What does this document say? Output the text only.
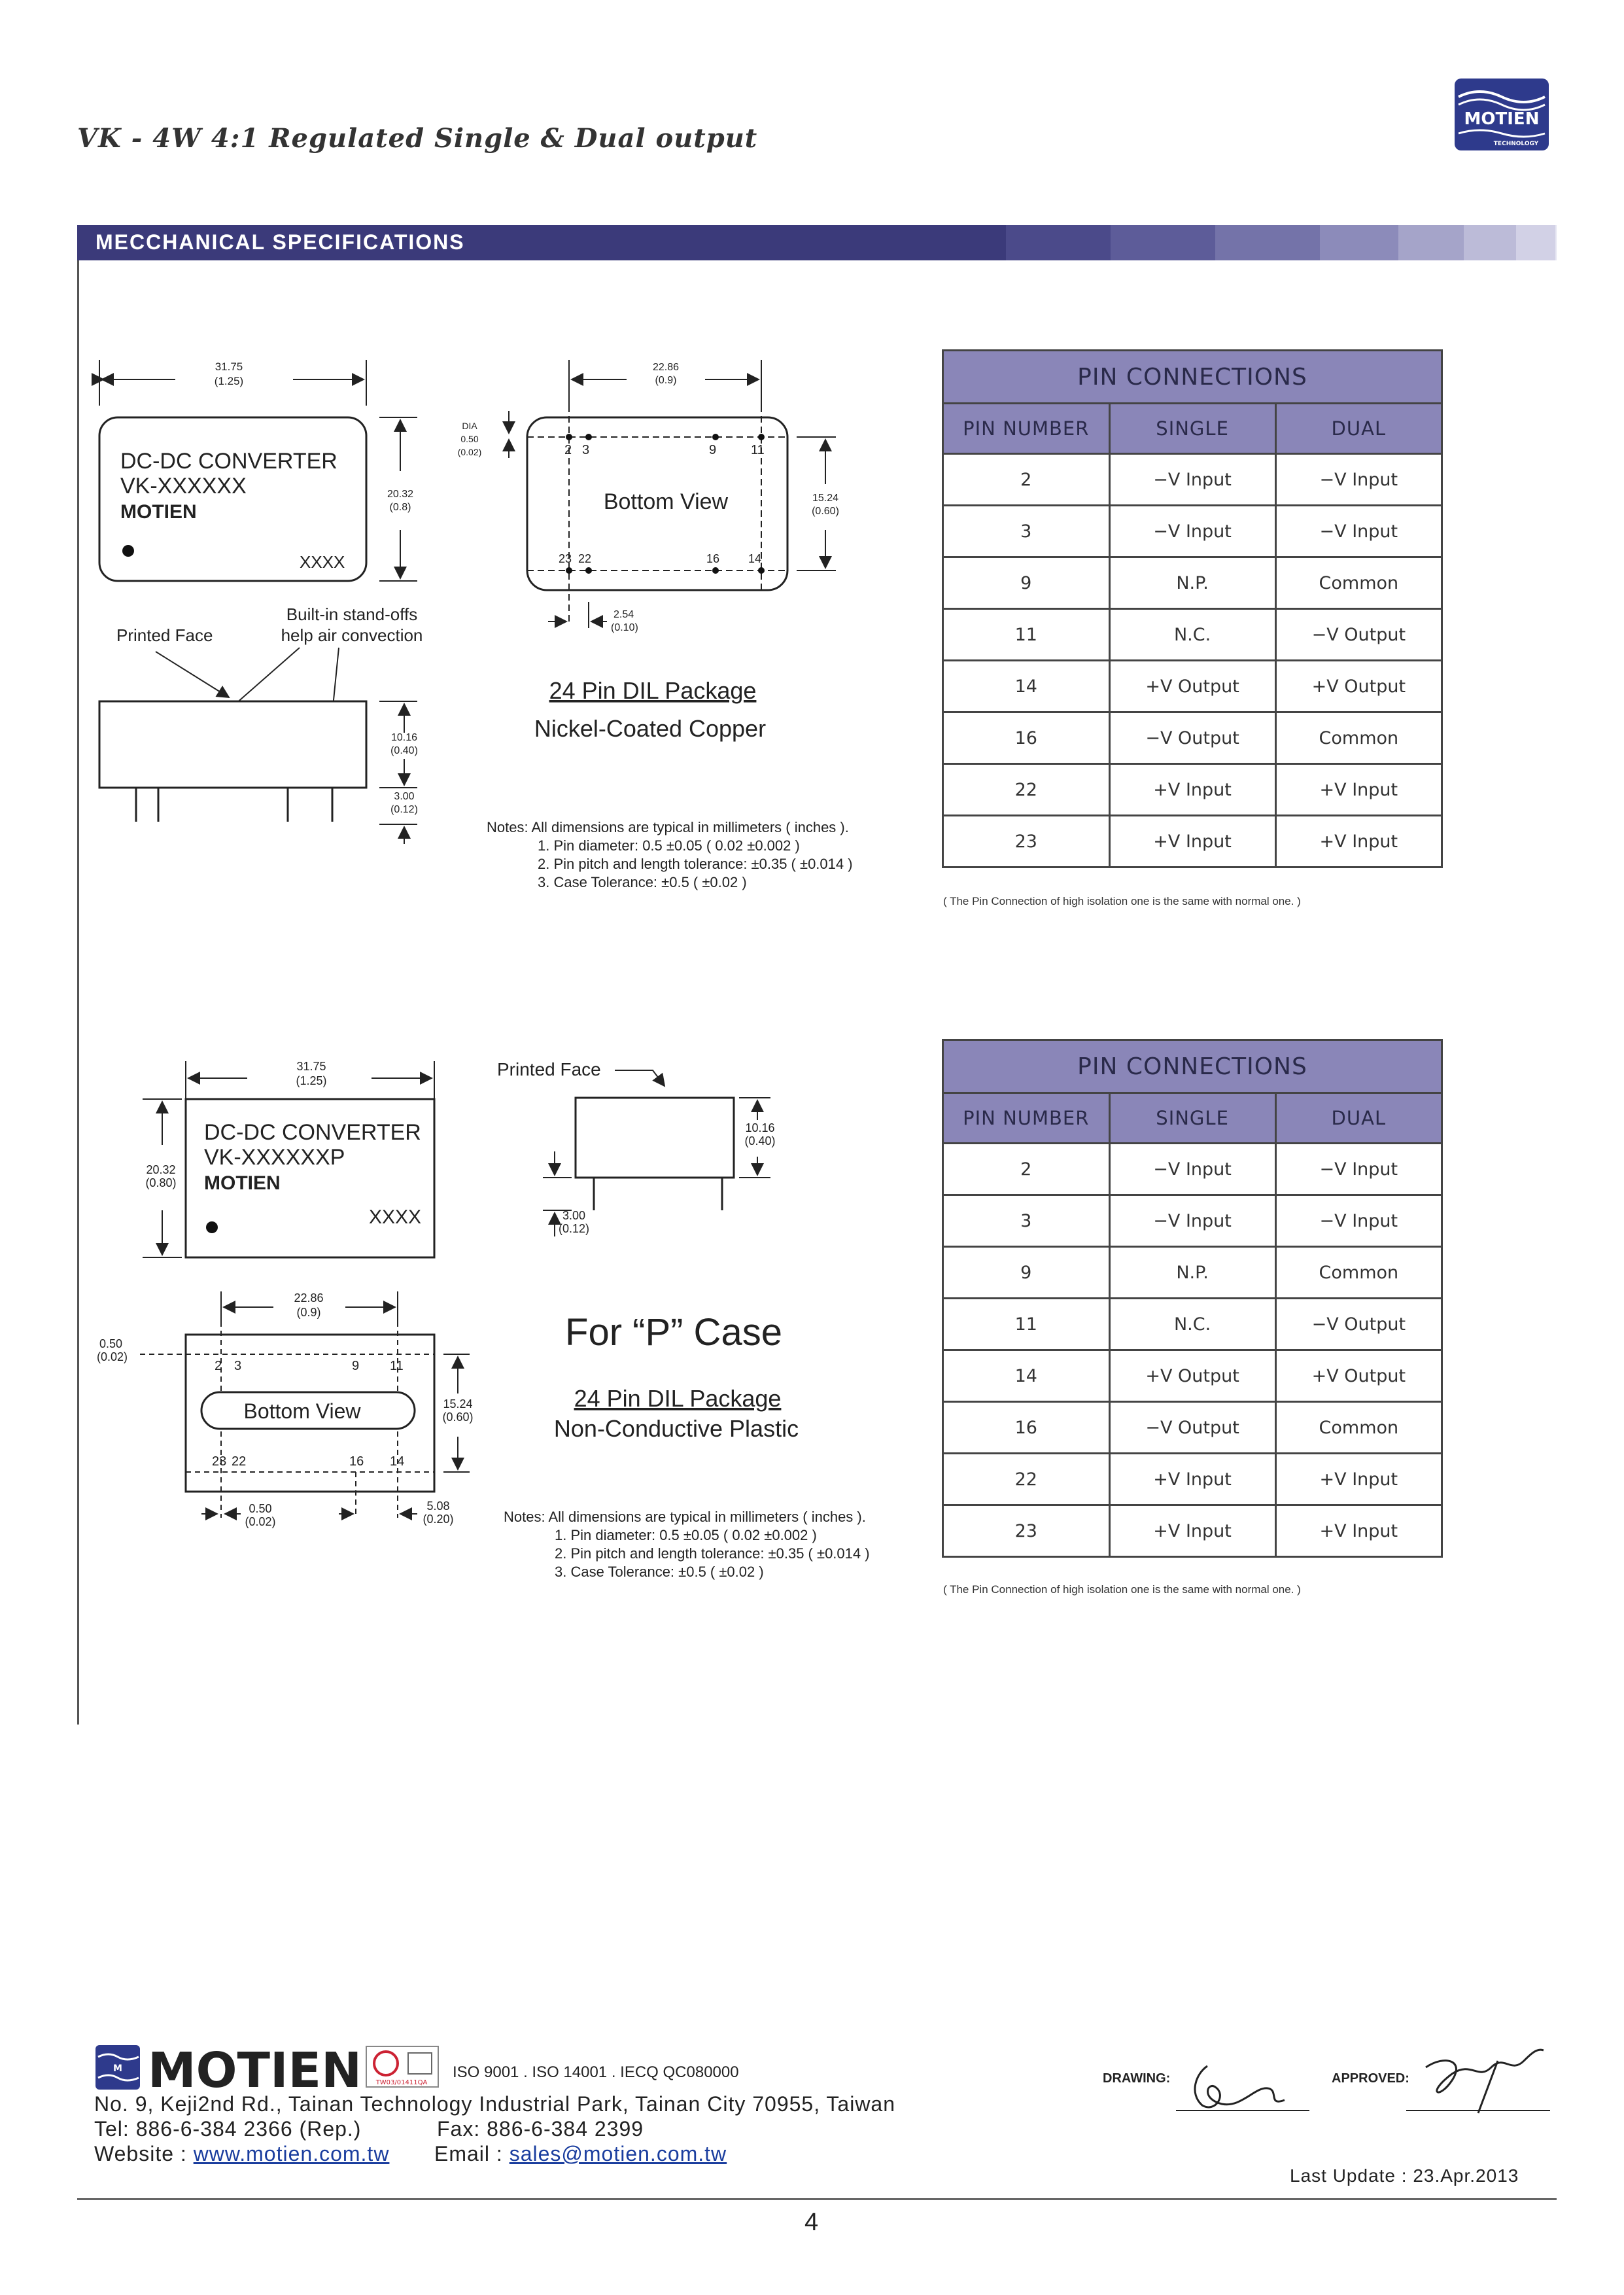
VK - 4W 4:1 Regulated Single & Dual output
MOTIEN
TECHNOLOGY
MECCHANICAL SPECIFICATIONS
31.75
(1.25)
DC-DC CONVERTER
VK-XXXXXX
MOTIEN
XXXX
20.32
(0.8)
Printed Face
Built-in stand-offs
help air convection
10.16
(0.40)
3.00
(0.12)
22.86
(0.9)
DIA
0.50
(0.02)	2 3	9	11
23 22	16 14
Bottom View	15.24
(0.60)
2.54
(0.10)
24 Pin DIL Package
Nickel-Coated Copper
Notes: All dimensions are typical in millimeters ( inches ).
1. Pin diameter: 0.5 ±0.05 ( 0.02 ±0.002 )
2. Pin pitch and length tolerance: ±0.35 ( ±0.014 )
3. Case Tolerance: ±0.5 ( ±0.02 )
PIN CONNECTIONS		
PIN NUMBER	SINGLE	DUAL
2	−V Input	−V Input
3	−V Input	−V Input
9	N.P.	Common
11	N.C.	−V Output
14	+V Output	+V Output
16	−V Output	Common
22	+V Input	+V Input
23	+V Input	+V Input
( The Pin Connection of high isolation one is the same with normal one. )
31.75
(1.25)
DC-DC CONVERTER
VK-XXXXXXP
MOTIEN
XXXX
20.32
(0.80)
Printed Face
3.00
(0.12)
10.16
(0.40)
22.86
(0.9)
0.50
(0.02)
2 3	9 11
23 22	16 14
Bottom View	15.24
(0.60)
0.50
(0.02)
5.08
(0.20)
For “P” Case
24 Pin DIL Package
Non-Conductive Plastic
Notes: All dimensions are typical in millimeters ( inches ).
1. Pin diameter: 0.5 ±0.05 ( 0.02 ±0.002 )
2. Pin pitch and length tolerance: ±0.35 ( ±0.014 )
3. Case Tolerance: ±0.5 ( ±0.02 )
PIN CONNECTIONS		
PIN NUMBER	SINGLE	DUAL
2	−V Input	−V Input
3	−V Input	−V Input
9	N.P.	Common
11	N.C.	−V Output
14	+V Output	+V Output
16	−V Output	Common
22	+V Input	+V Input
23	+V Input	+V Input
( The Pin Connection of high isolation one is the same with normal one. )
M MOTIEN TW03/01411QA
ISO 9001 . ISO 14001 . IECQ QC080000
No. 9, Keji2nd Rd., Tainan Technology Industrial Park, Tainan City 70955, Taiwan
Tel: 886-6-384 2366 (Rep.)	Fax: 886-6-384 2399
Website : www.motien.com.tw Email : sales@motien.com.tw
DRAWING:	APPROVED:
Last Update : 23.Apr.2013
4
